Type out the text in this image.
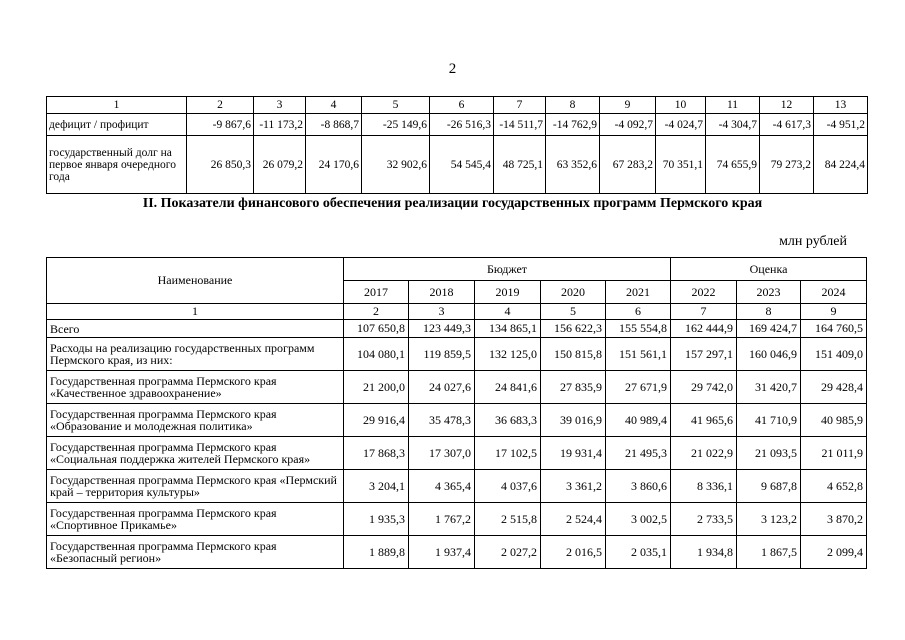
2
1	2	3	4	5	6	7	8	9	10	11	12	13
дефицит / профицит	-9 867,6	-11 173,2	-8 868,7	-25 149,6	-26 516,3	-14 511,7	-14 762,9	-4 092,7	-4 024,7	-4 304,7	-4 617,3	-4 951,2
государственный долг на первое января очередного года	26 850,3	26 079,2	24 170,6	32 902,6	54 545,4	48 725,1	63 352,6	67 283,2	70 351,1	74 655,9	79 273,2	84 224,4
II. Показатели финансового обеспечения реализации государственных программ Пермского края
млн рублей
Наименование	Бюджет					Оценка		
	2017	2018	2019	2020	2021	2022	2023	2024
1	2	3	4	5	6	7	8	9
Всего	107 650,8	123 449,3	134 865,1	156 622,3	155 554,8	162 444,9	169 424,7	164 760,5
Расходы на реализацию государственных программ Пермского края, из них:	104 080,1	119 859,5	132 125,0	150 815,8	151 561,1	157 297,1	160 046,9	151 409,0
Государственная программа Пермского края «Качественное здравоохранение»	21 200,0	24 027,6	24 841,6	27 835,9	27 671,9	29 742,0	31 420,7	29 428,4
Государственная программа Пермского края «Образование и молодежная политика»	29 916,4	35 478,3	36 683,3	39 016,9	40 989,4	41 965,6	41 710,9	40 985,9
Государственная программа Пермского края «Социальная поддержка жителей Пермского края»	17 868,3	17 307,0	17 102,5	19 931,4	21 495,3	21 022,9	21 093,5	21 011,9
Государственная программа Пермского края «Пермский край – территория культуры»	3 204,1	4 365,4	4 037,6	3 361,2	3 860,6	8 336,1	9 687,8	4 652,8
Государственная программа Пермского края «Спортивное Прикамье»	1 935,3	1 767,2	2 515,8	2 524,4	3 002,5	2 733,5	3 123,2	3 870,2
Государственная программа Пермского края «Безопасный регион»	1 889,8	1 937,4	2 027,2	2 016,5	2 035,1	1 934,8	1 867,5	2 099,4
